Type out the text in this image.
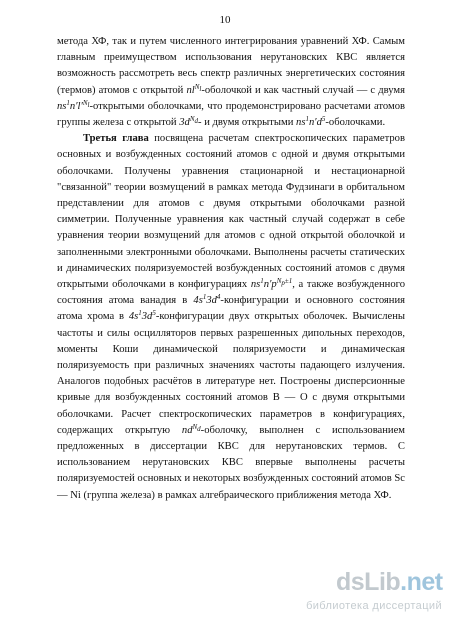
10

метода ХФ, так и путем численного интегрирования уравнений ХФ. Самым главным преимуществом использования нерутановских КВС является возможность рассмотреть весь спектр различных энергетических состояния (термов) атомов с открытой $nl^{N_l}$-оболочкой и как частный случай — с двумя $ns^1n'l'^{N_l}$-открытыми оболочками, что продемонстрировано расчетами атомов группы железа с открытой $3d^{N_d}-$ и двумя открытыми $ns^1n'd^5$-оболочками.

Третья глава посвящена расчетам спектроскопических параметров основных и возбужденных состояний атомов с одной и двумя открытыми оболочками. Получены уравнения стационарной и нестационарной "связанной" теории возмущений в рамках метода Фудзинаги в орбитальном представлении для атомов с двумя открытыми оболочками разной симметрии. Полученные уравнения как частный случай содержат в себе уравнения теории возмущений для атомов с одной открытой оболочкой и заполненными электронными оболочками. Выполнены расчеты статических и динамических поляризуемостей возбужденных состояний атомов с двумя открытыми оболочками в конфигурациях $ns^1n'p^{N_p\pm 1}$, а также возбужденного состояния атома ванадия в $4s^13d^4$-конфигурации и основного состояния атома хрома в $4s^13d^5$-конфигурации двух открытых оболочек. Вычислены частоты и силы осцилляторов первых разрешенных дипольных переходов, моменты Коши динамической поляризуемости и динамическая поляризуемость при различных значениях частоты падающего излучения. Аналогов подобных расчётов в литературе нет. Построены дисперсионные кривые для возбужденных состояний атомов B — O с двумя открытыми оболочками. Расчет спектроскопических параметров в конфигурациях, содержащих открытую $nd^{N_d}$-оболочку, выполнен с использованием предложенных в диссертации КВС для нерутановских термов. С использованием нерутановских КВС впервые выполнены расчеты поляризуемостей основных и некоторых возбужденных состояний атомов Sc — Ni (группа железа) в рамках алгебраического приближения метода ХФ.

dsLib.net
библиотека диссертаций
